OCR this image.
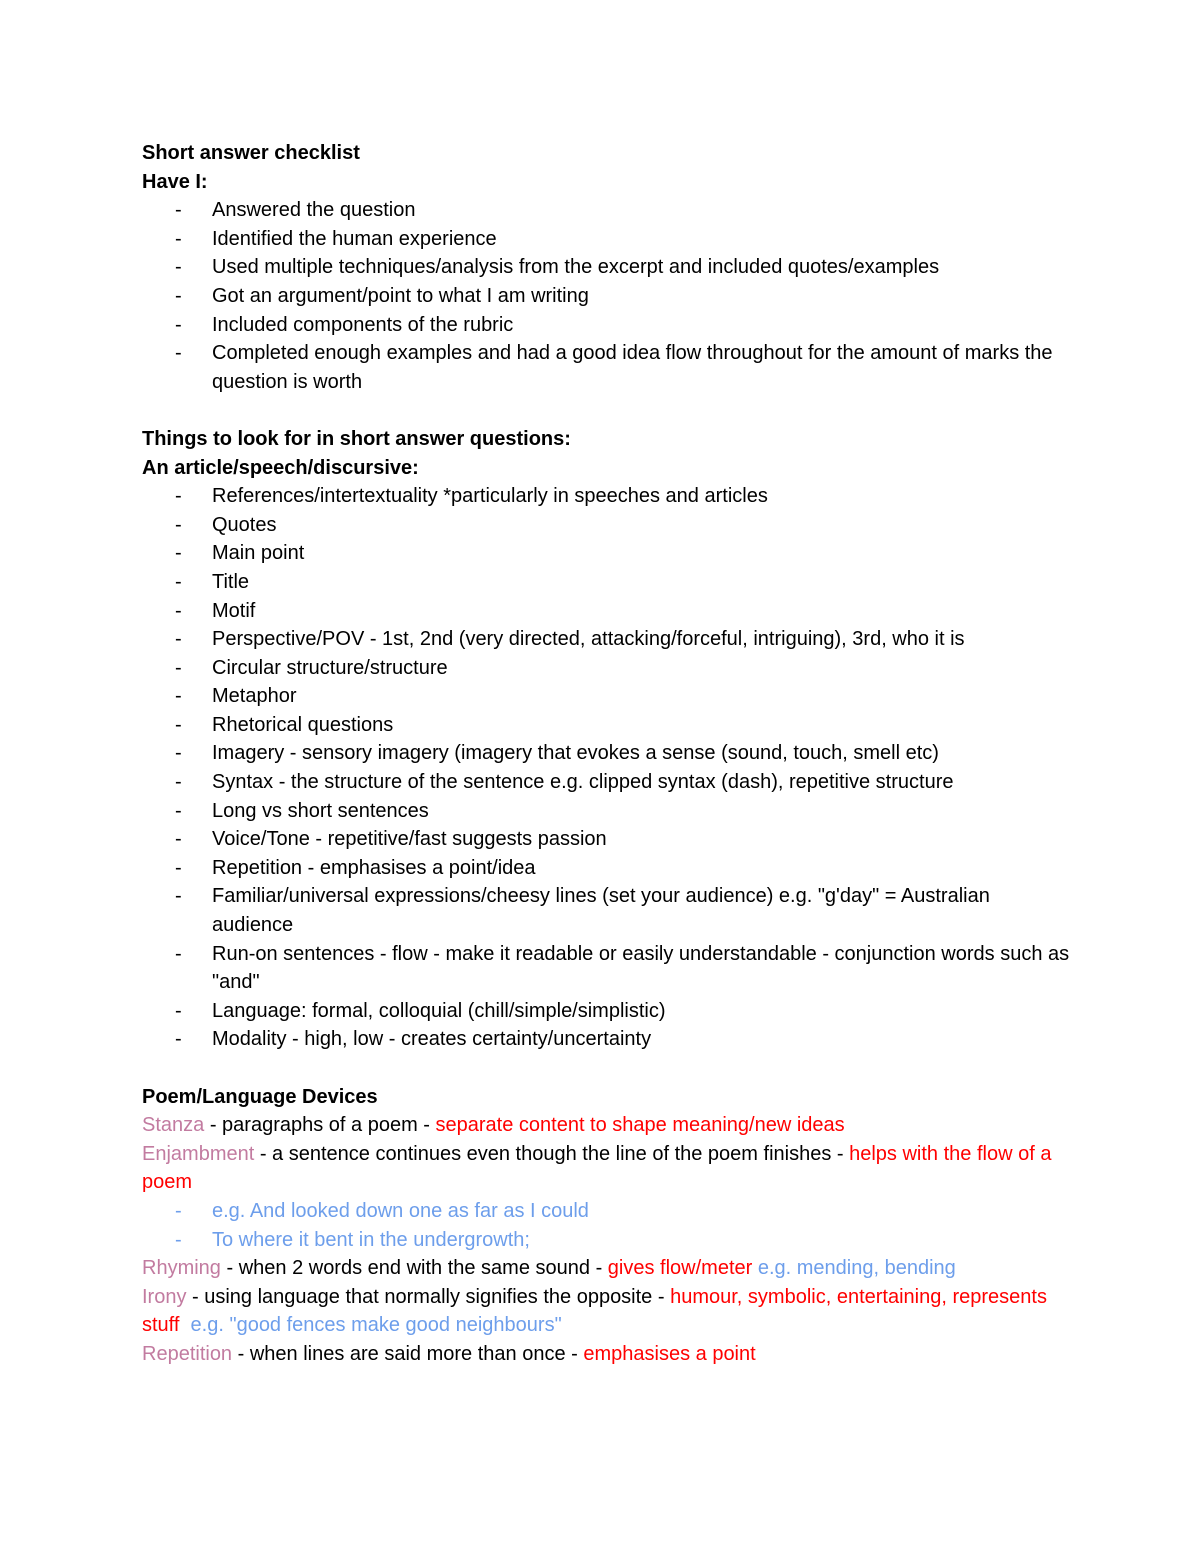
Short answer checklist

Have I:

- Answered the question
- Identified the human experience
- Used multiple techniques/analysis from the excerpt and included quotes/examples
- Got an argument/point to what I am writing
- Included components of the rubric
- Completed enough examples and had a good idea flow throughout for the amount of marks the question is worth

Things to look for in short answer questions:

An article/speech/discursive:

- References/intertextuality *particularly in speeches and articles
- Quotes
- Main point
- Title
- Motif
- Perspective/POV - 1st, 2nd (very directed, attacking/forceful, intriguing), 3rd, who it is
- Circular structure/structure
- Metaphor
- Rhetorical questions
- Imagery - sensory imagery (imagery that evokes a sense (sound, touch, smell etc)
- Syntax - the structure of the sentence e.g. clipped syntax (dash), repetitive structure
- Long vs short sentences
- Voice/Tone - repetitive/fast suggests passion
- Repetition - emphasises a point/idea
- Familiar/universal expressions/cheesy lines (set your audience) e.g. "g'day" = Australian audience
- Run-on sentences - flow - make it readable or easily understandable - conjunction words such as "and"
- Language: formal, colloquial (chill/simple/simplistic)
- Modality - high, low - creates certainty/uncertainty

Poem/Language Devices

Stanza - paragraphs of a poem - separate content to shape meaning/new ideas

Enjambment - a sentence continues even though the line of the poem finishes - helps with the flow of a poem

- e.g. And looked down one as far as I could
- To where it bent in the undergrowth;

Rhyming - when 2 words end with the same sound - gives flow/meter e.g. mending, bending

Irony - using language that normally signifies the opposite - humour, symbolic, entertaining, represents stuff  e.g. "good fences make good neighbours"

Repetition - when lines are said more than once - emphasises a point
